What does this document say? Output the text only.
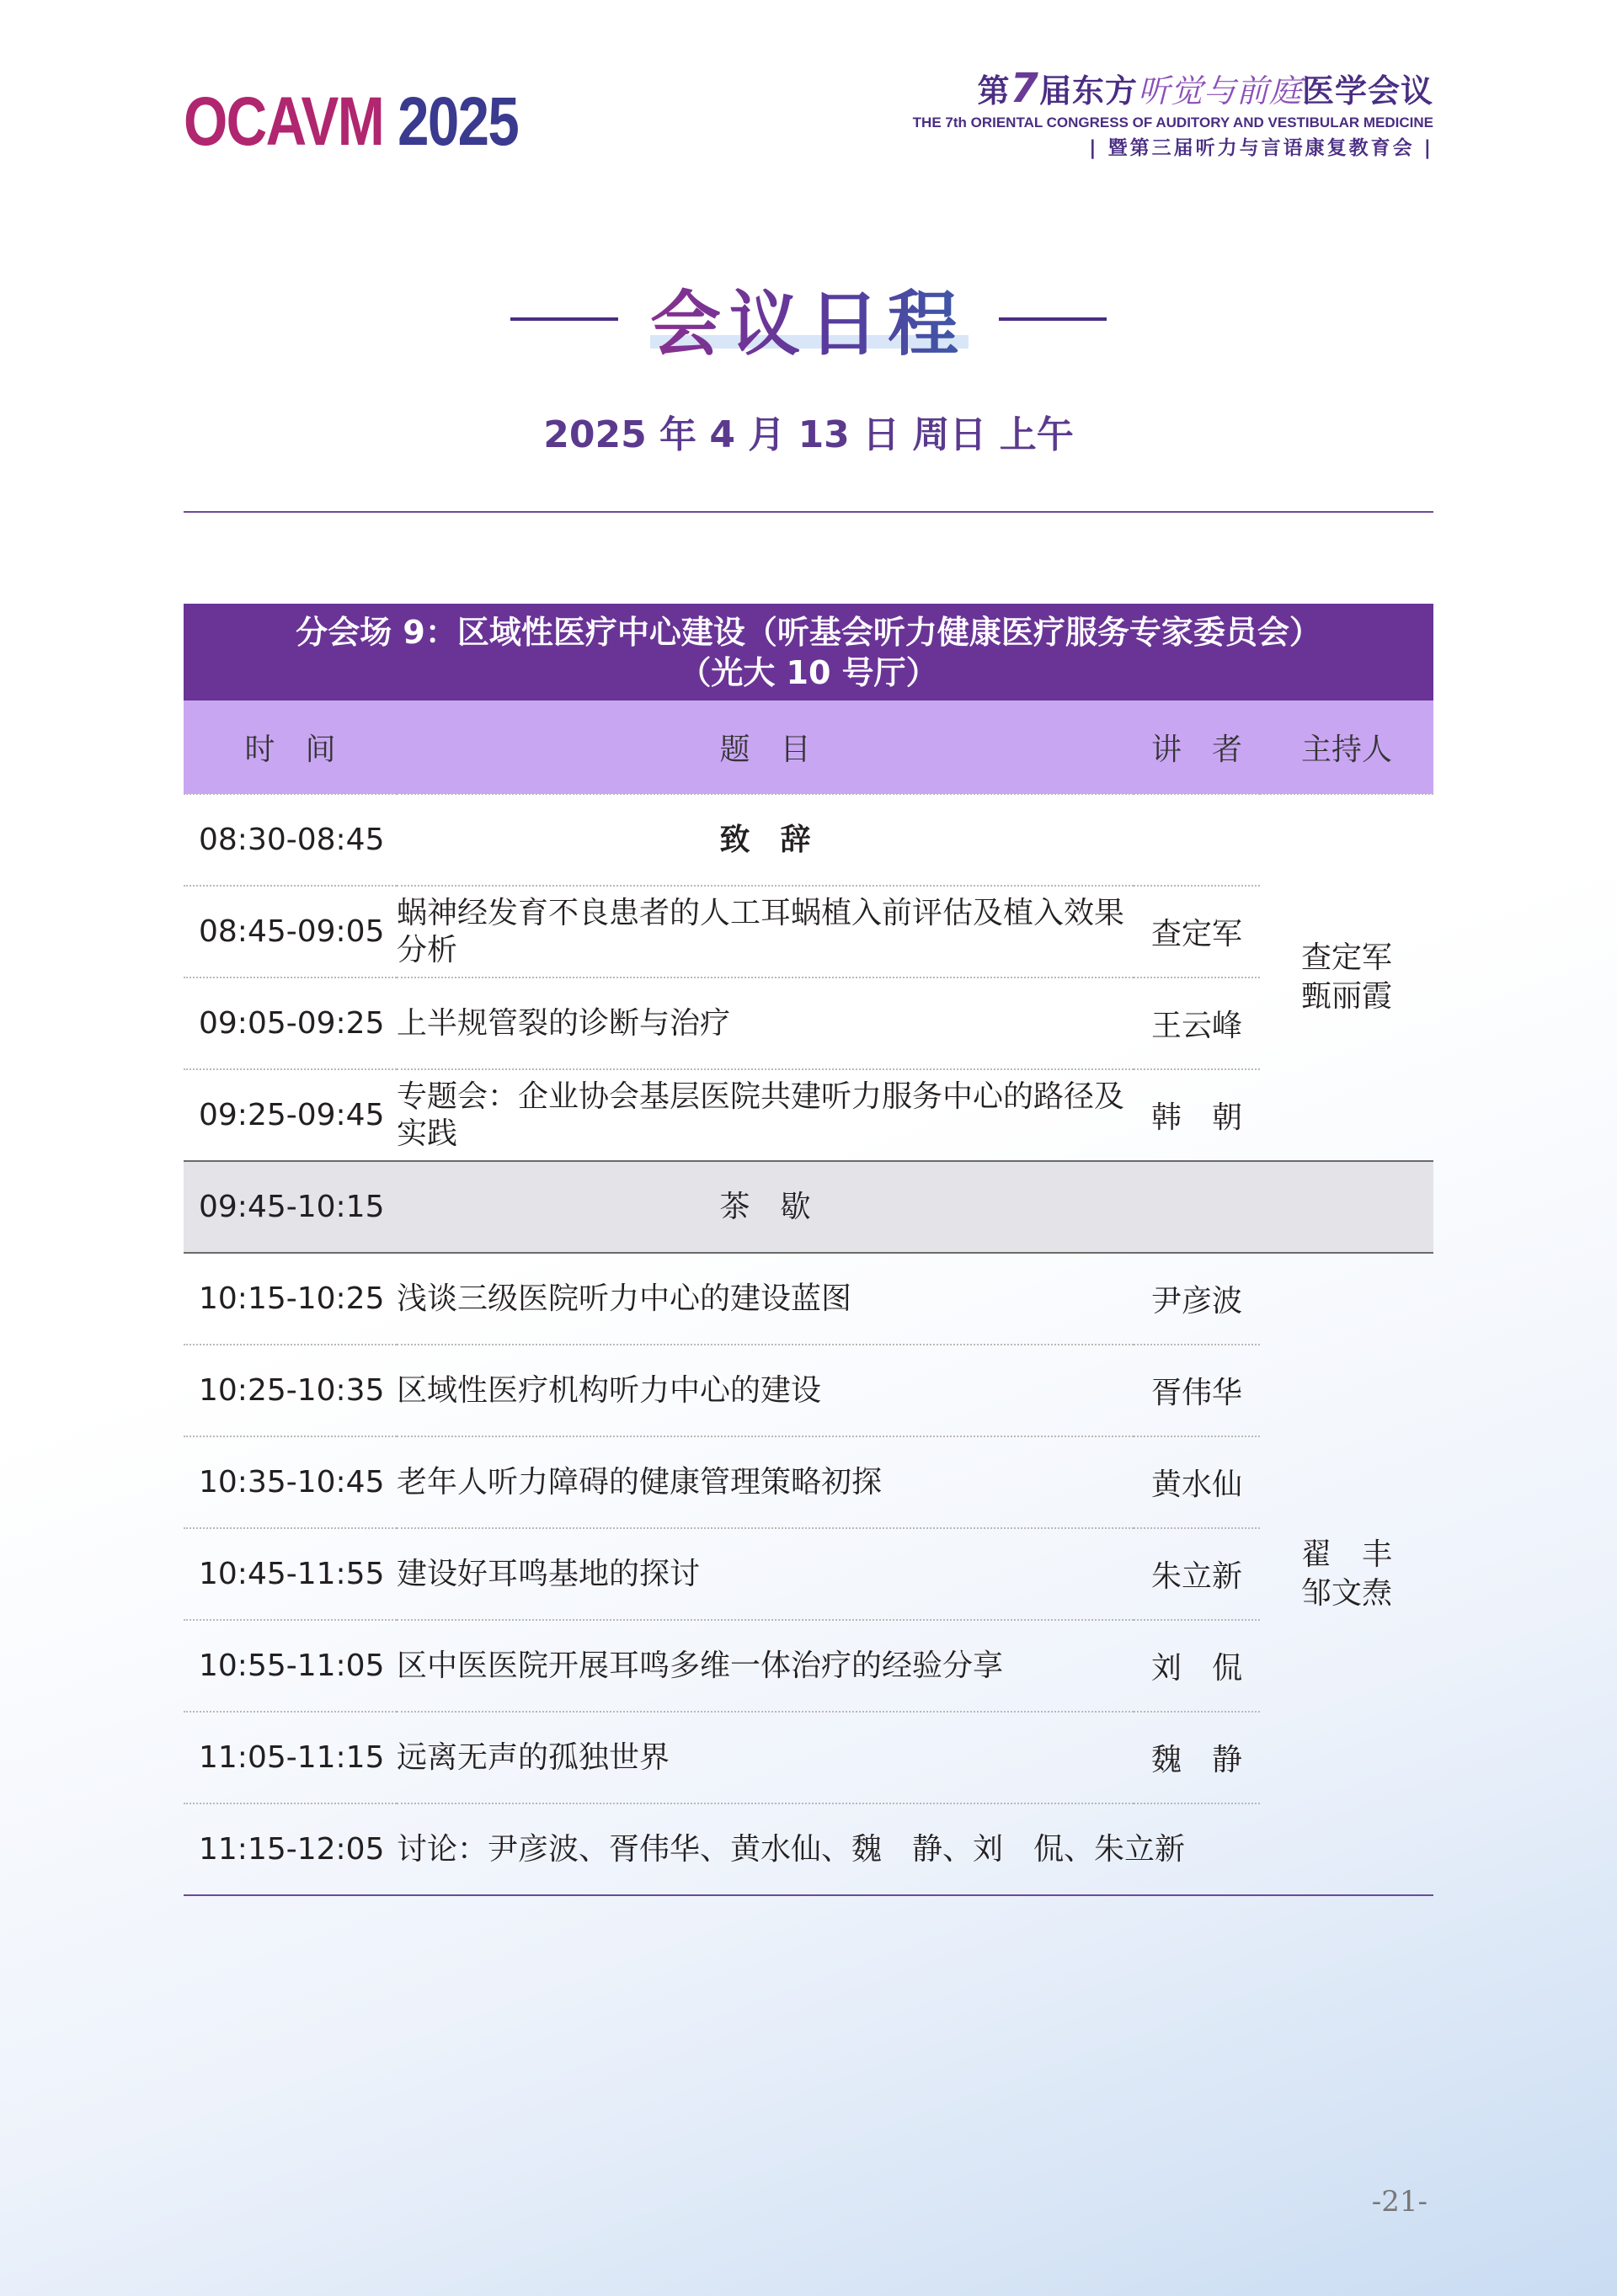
OCAVM 2025	第7届东方听觉与前庭医学会议
THE 7th ORIENTAL CONGRESS OF AUDITORY AND VESTIBULAR MEDICINE
| 暨第三届听力与言语康复教育会 |
会议日程
2025 年 4 月 13 日 周日 上午
分会场 9：区域性医疗中心建设（听基会听力健康医疗服务专家委员会）
（光大 10 号厅）			

时　间	题　目	讲　者	主持人
08:30-08:45	致　辞		查定军
甄丽霞

08:45-09:05	蜗神经发育不良患者的人工耳蜗植入前评估及植入效果分析	查定军	
09:05-09:25	上半规管裂的诊断与治疗	王云峰	
09:25-09:45	专题会：企业协会基层医院共建听力服务中心的路径及实践	韩　朝	
09:45-10:15	茶　歇		
10:15-10:25	浅谈三级医院听力中心的建设蓝图	尹彦波	翟　丰
邹文焘

10:25-10:35	区域性医疗机构听力中心的建设	胥伟华	
10:35-10:45	老年人听力障碍的健康管理策略初探	黄水仙	
10:45-11:55	建设好耳鸣基地的探讨	朱立新	
10:55-11:05	区中医医院开展耳鸣多维一体治疗的经验分享	刘　侃	
11:05-11:15	远离无声的孤独世界	魏　静	
11:15-12:05	讨论：尹彦波、胥伟华、黄水仙、魏　静、刘　侃、朱立新		
-21-
